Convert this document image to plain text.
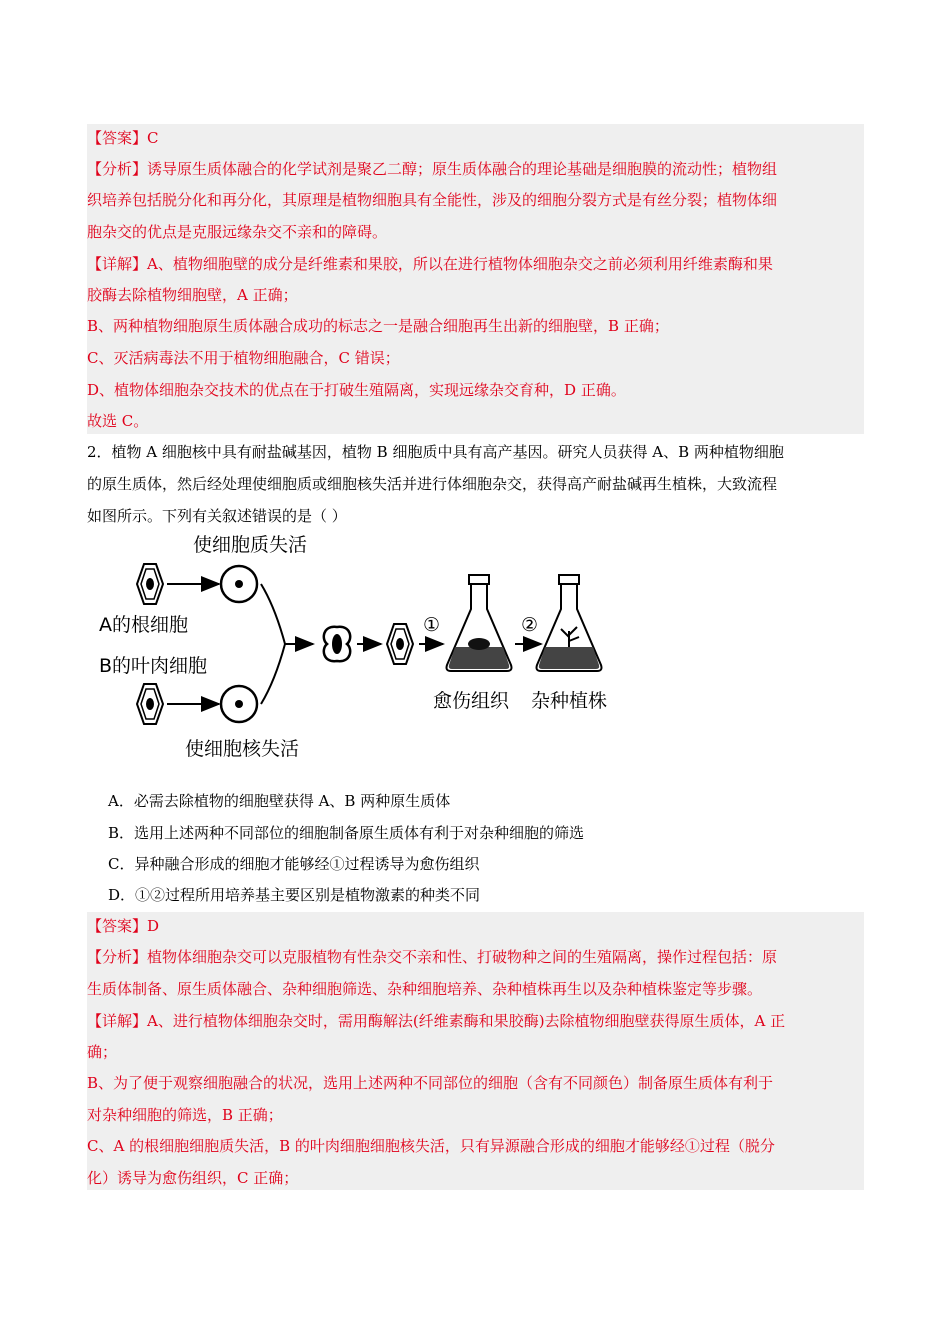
【答案】C
【分析】诱导原生质体融合的化学试剂是聚乙二醇；原生质体融合的理论基础是细胞膜的流动性；植物组
织培养包括脱分化和再分化，其原理是植物细胞具有全能性，涉及的细胞分裂方式是有丝分裂；植物体细
胞杂交的优点是克服远缘杂交不亲和的障碍。
【详解】A、植物细胞壁的成分是纤维素和果胶，所以在进行植物体细胞杂交之前必须利用纤维素酶和果
胶酶去除植物细胞壁，A 正确；
B、两种植物细胞原生质体融合成功的标志之一是融合细胞再生出新的细胞壁，B 正确；
C、灭活病毒法不用于植物细胞融合，C 错误；
D、植物体细胞杂交技术的优点在于打破生殖隔离，实现远缘杂交育种，D 正确。
故选 C。
2．植物 A 细胞核中具有耐盐碱基因，植物 B 细胞质中具有高产基因。研究人员获得 A、B 两种植物细胞
的原生质体，然后经处理使细胞质或细胞核失活并进行体细胞杂交，获得高产耐盐碱再生植株，大致流程
如图所示。下列有关叙述错误的是（ ）
使细胞质失活
A的根细胞
B的叶肉细胞
使细胞核失活
①	②
愈伤组织 杂种植株
A．必需去除植物的细胞壁获得 A、B 两种原生质体
B．选用上述两种不同部位的细胞制备原生质体有利于对杂种细胞的筛选
C．异种融合形成的细胞才能够经①过程诱导为愈伤组织
D．①②过程所用培养基主要区别是植物激素的种类不同
【答案】D
【分析】植物体细胞杂交可以克服植物有性杂交不亲和性、打破物种之间的生殖隔离，操作过程包括：原
生质体制备、原生质体融合、杂种细胞筛选、杂种细胞培养、杂种植株再生以及杂种植株鉴定等步骤。
【详解】A、进行植物体细胞杂交时，需用酶解法(纤维素酶和果胶酶)去除植物细胞壁获得原生质体，A 正
确；
B、为了便于观察细胞融合的状况，选用上述两种不同部位的细胞（含有不同颜色）制备原生质体有利于
对杂种细胞的筛选，B 正确；
C、A 的根细胞细胞质失活，B 的叶肉细胞细胞核失活，只有异源融合形成的细胞才能够经①过程（脱分
化）诱导为愈伤组织，C 正确；
